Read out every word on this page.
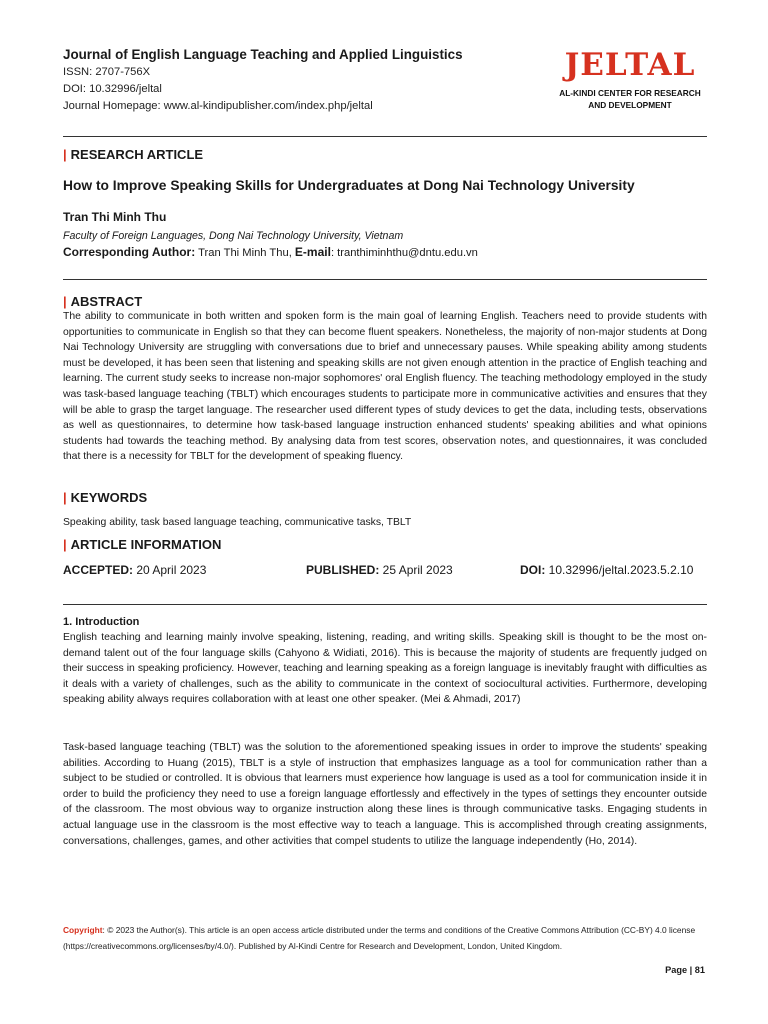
Journal of English Language Teaching and Applied Linguistics
ISSN: 2707-756X
DOI: 10.32996/jeltal
Journal Homepage: www.al-kindipublisher.com/index.php/jeltal
JELTAL
AL-KINDI CENTER FOR RESEARCH
AND DEVELOPMENT
| RESEARCH ARTICLE
How to Improve Speaking Skills for Undergraduates at Dong Nai Technology University
Tran Thi Minh Thu
Faculty of Foreign Languages, Dong Nai Technology University, Vietnam
Corresponding Author: Tran Thi Minh Thu, E-mail: tranthiminhthu@dntu.edu.vn
| ABSTRACT
The ability to communicate in both written and spoken form is the main goal of learning English. Teachers need to provide students with opportunities to communicate in English so that they can become fluent speakers. Nonetheless, the majority of non-major students at Dong Nai Technology University are struggling with conversations due to brief and unnecessary pauses. While speaking ability among students must be developed, it has been seen that listening and speaking skills are not given enough attention in the practice of English teaching and learning. The current study seeks to increase non-major sophomores' oral English fluency. The teaching methodology employed in the study was task-based language teaching (TBLT) which encourages students to participate more in communicative activities and ensures that they will be able to grasp the target language. The researcher used different types of study devices to get the data, including tests, observations as well as questionnaires, to determine how task-based language instruction enhanced students' speaking abilities and what opinions students had towards the teaching method. By analysing data from test scores, observation notes, and questionnaires, it was concluded that there is a necessity for TBLT for the development of speaking fluency.
| KEYWORDS
Speaking ability, task based language teaching, communicative tasks, TBLT
| ARTICLE INFORMATION
ACCEPTED: 20 April 2023	PUBLISHED: 25 April 2023	DOI: 10.32996/jeltal.2023.5.2.10
1. Introduction
English teaching and learning mainly involve speaking, listening, reading, and writing skills. Speaking skill is thought to be the most on-demand talent out of the four language skills (Cahyono & Widiati, 2016). This is because the majority of students are frequently judged on their success in speaking proficiency. However, teaching and learning speaking as a foreign language is inevitably fraught with difficulties as it deals with a variety of challenges, such as the ability to communicate in the context of sociocultural activities. Furthermore, developing speaking ability always requires collaboration with at least one other speaker. (Mei & Ahmadi, 2017)
Task-based language teaching (TBLT) was the solution to the aforementioned speaking issues in order to improve the students' speaking abilities. According to Huang (2015), TBLT is a style of instruction that emphasizes language as a tool for communication rather than a subject to be studied or controlled. It is obvious that learners must experience how language is used as a tool for communication inside it in order to build the proficiency they need to use a foreign language effortlessly and effectively in the types of settings they encounter outside of the classroom. The most obvious way to organize instruction along these lines is through communicative tasks. Engaging students in actual language use in the classroom is the most effective way to teach a language. This is accomplished through creating assignments, conversations, challenges, games, and other activities that compel students to utilize the language independently (Ho, 2014).
Copyright: © 2023 the Author(s). This article is an open access article distributed under the terms and conditions of the Creative Commons Attribution (CC-BY) 4.0 license (https://creativecommons.org/licenses/by/4.0/). Published by Al-Kindi Centre for Research and Development, London, United Kingdom.
Page | 81
